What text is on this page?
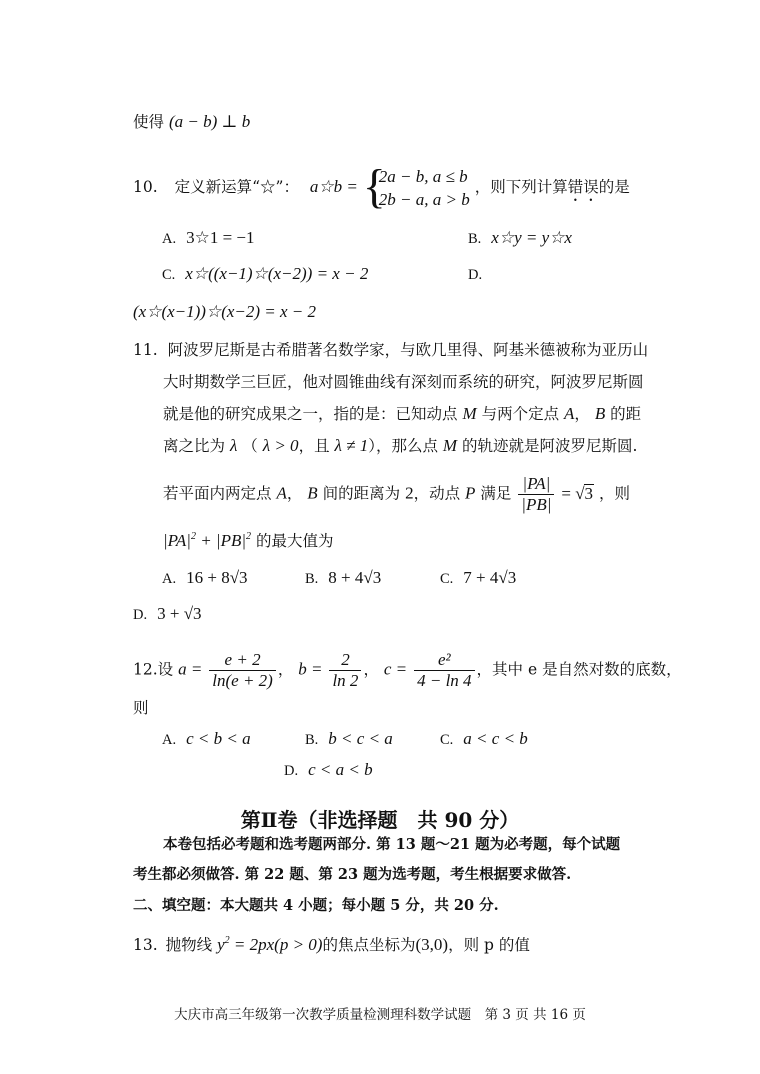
使得 (a − b) ⊥ b
10. 定义新运算“☆”： a☆b = {
2a − b, a ≤ b
2b − a, a > b
，则下列计算错误的是
A. 3☆1 = −1	B. x☆y = y☆x
C. x☆((x−1)☆(x−2)) = x − 2	D.
(x☆(x−1))☆(x−2) = x − 2
11. 阿波罗尼斯是古希腊著名数学家，与欧几里得、阿基米德被称为亚历山
大时期数学三巨匠，他对圆锥曲线有深刻而系统的研究，阿波罗尼斯圆
就是他的研究成果之一，指的是：已知动点 M 与两个定点 A， B 的距
离之比为 λ （ λ > 0，且 λ ≠ 1），那么点 M 的轨迹就是阿波罗尼斯圆.
若平面内两定点 A， B 间的距离为 2，动点 P 满足 $\frac{|PA|}{|PB|} = √3$ ，则
$|PA|^2 + |PB|^2$ 的最大值为
A. 16 + 8√3	B. 8 + 4√3	C. 7 + 4√3
D. 3 + √3
12.设 $a = \frac{e + 2}{\ln(e + 2)}$ ， $b = \frac{2}{\ln 2}$ ， $c = \frac{\text{e²}}{4 - \ln 4}$ ，其中 e 是自然对数的底数，
则
A. c < b < a	B. b < c < a	C. a < c < b
D. c < a < b
第Ⅱ卷（非选择题　共 90 分）
本卷包括必考题和选考题两部分. 第 13 题～21 题为必考题，每个试题
考生都必须做答. 第 22 题、第 23 题为选考题，考生根据要求做答.
二、填空题：本大题共 4 小题；每小题 5 分，共 20 分.
13. 抛物线 $y^2 = 2px(p > 0)$的焦点坐标为(3,0)，则 p 的值
大庆市高三年级第一次教学质量检测理科数学试题　第 3 页 共 16 页
